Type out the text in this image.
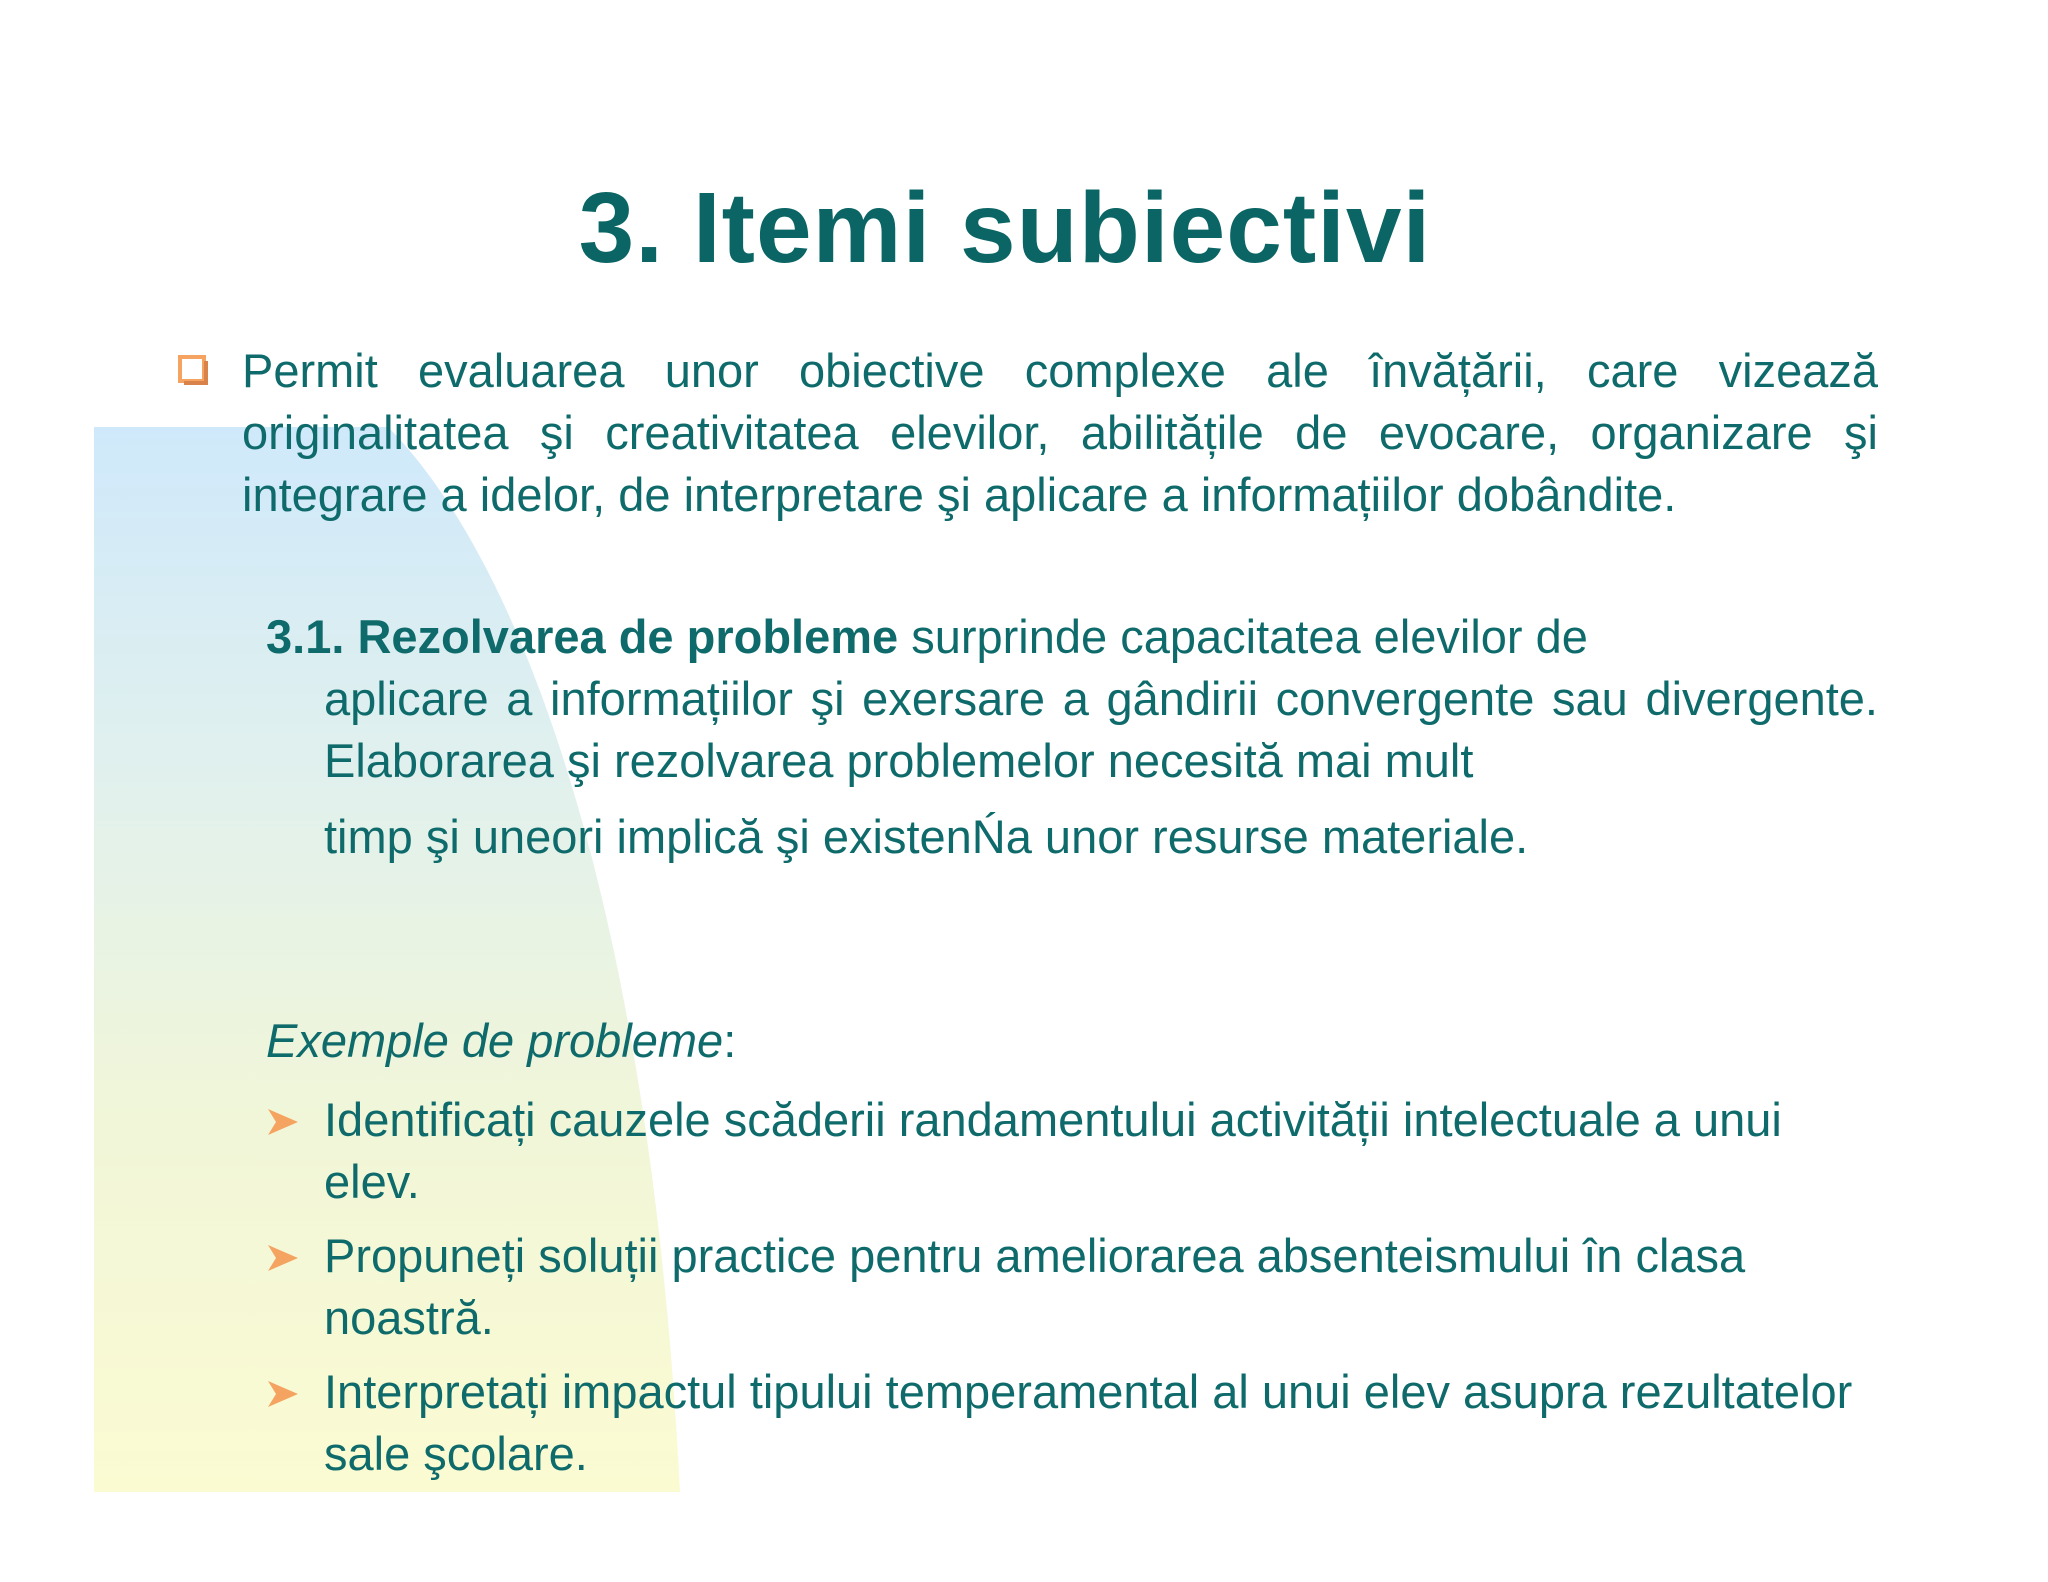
3. Itemi subiectivi
Permit evaluarea unor obiective complexe ale învățării, care vizează originalitatea şi creativitatea elevilor, abilitățile de evocare, organizare şi integrare a idelor, de interpretare şi aplicare a informațiilor dobândite.
3.1. Rezolvarea de probleme surprinde capacitatea elevilor de
aplicare a informațiilor şi exersare a gândirii convergente sau divergente. Elaborarea şi rezolvarea problemelor necesită mai mult
timp şi uneori implică şi existenŃa unor resurse materiale.
Exemple de probleme:
Identificați cauzele scăderii randamentului activității intelectuale a unui elev.
Propuneți soluții practice pentru ameliorarea absenteismului în clasa noastră.
Interpretați impactul tipului temperamental al unui elev asupra rezultatelor sale şcolare.
